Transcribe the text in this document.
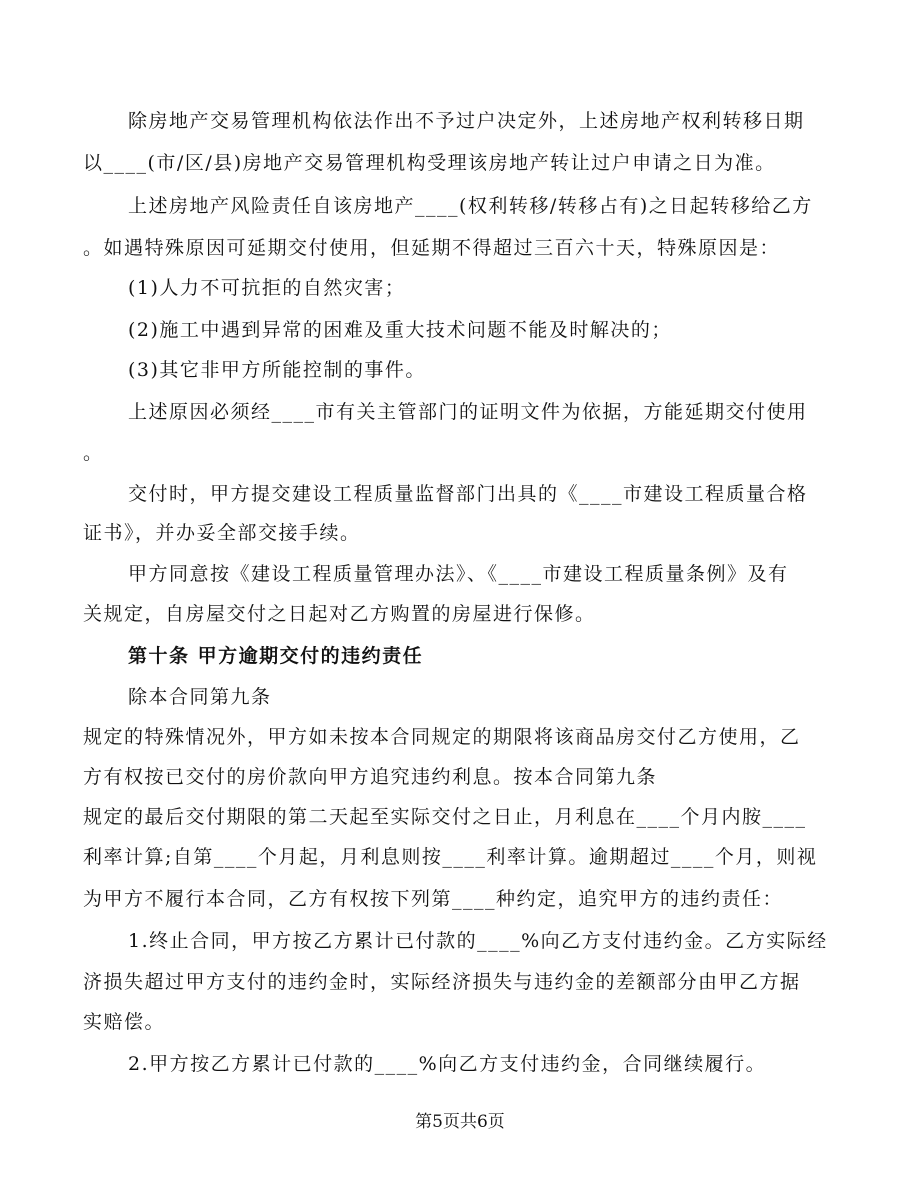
除房地产交易管理机构依法作出不予过户决定外，上述房地产权利转移日期
以____(市/区/县)房地产交易管理机构受理该房地产转让过户申请之日为准。
上述房地产风险责任自该房地产____(权利转移/转移占有)之日起转移给乙方
。如遇特殊原因可延期交付使用，但延期不得超过三百六十天，特殊原因是：
(1)人力不可抗拒的自然灾害；
(2)施工中遇到异常的困难及重大技术问题不能及时解决的；
(3)其它非甲方所能控制的事件。
上述原因必须经____市有关主管部门的证明文件为依据，方能延期交付使用
。
交付时，甲方提交建设工程质量监督部门出具的《____市建设工程质量合格
证书》，并办妥全部交接手续。
甲方同意按《建设工程质量管理办法》、《____市建设工程质量条例》及有
关规定，自房屋交付之日起对乙方购置的房屋进行保修。
第十条 甲方逾期交付的违约责任
除本合同第九条
规定的特殊情况外，甲方如未按本合同规定的期限将该商品房交付乙方使用，乙
方有权按已交付的房价款向甲方追究违约利息。按本合同第九条
规定的最后交付期限的第二天起至实际交付之日止，月利息在____个月内胺____
利率计算;自第____个月起，月利息则按____利率计算。逾期超过____个月，则视
为甲方不履行本合同，乙方有权按下列第____种约定，追究甲方的违约责任：
1.终止合同，甲方按乙方累计已付款的____%向乙方支付违约金。乙方实际经
济损失超过甲方支付的违约金时，实际经济损失与违约金的差额部分由甲乙方据
实赔偿。
2.甲方按乙方累计已付款的____%向乙方支付违约金，合同继续履行。
第5页共6页
